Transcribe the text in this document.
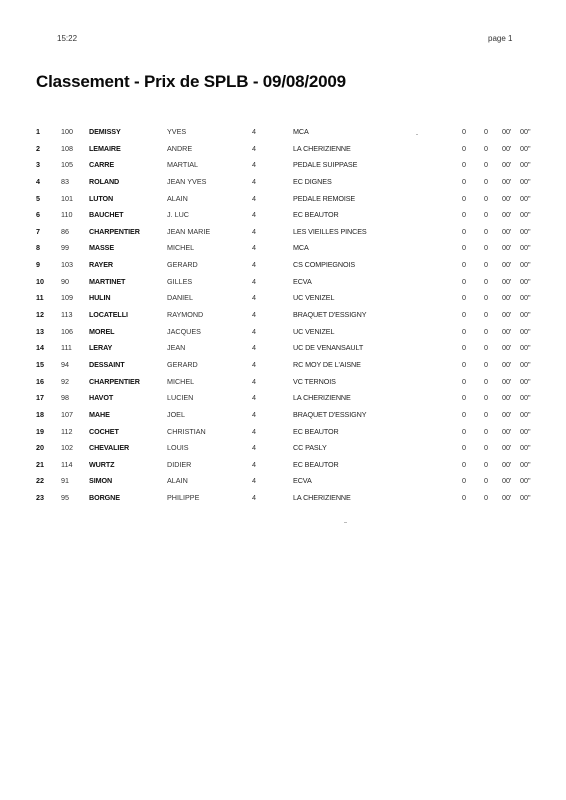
15:22	page 1
Classement - Prix de SPLB - 09/08/2009
1	100 DEMISSY	YVES	4	MCA	0	0 00' 00"
2	108 LEMAIRE	ANDRE	4	LA CHERIZIENNE	0	0 00' 00"
3	105 CARRE	MARTIAL	4	PEDALE SUIPPASE	0	0 00' 00"
4	83	ROLAND	JEAN YVES	4	EC DIGNES	0	0 00' 00"
5	101 LUTON	ALAIN	4	PEDALE REMOISE	0	0 00' 00"
6	110 BAUCHET	J. LUC	4	EC BEAUTOR	0	0 00' 00"
7	86	CHARPENTIER	JEAN MARIE	4	LES VIEILLES PINCES	0	0 00' 00"
8	99	MASSE	MICHEL	4	MCA	0	0 00' 00"
9	103 RAYER	GERARD	4	CS COMPIEGNOIS	0	0 00' 00"
10 90	MARTINET	GILLES	4	ECVA	0	0 00' 00"
11 109 HULIN	DANIEL	4	UC VENIZEL	0	0 00' 00"
12 113 LOCATELLI	RAYMOND	4	BRAQUET D'ESSIGNY	0	0 00' 00"
13 106 MOREL	JACQUES	4	UC VENIZEL	0	0 00' 00"
14 111 LERAY	JEAN	4	UC DE VENANSAULT	0	0 00' 00"
15 94	DESSAINT	GERARD	4	RC MOY DE L'AISNE	0	0 00' 00"
16 92	CHARPENTIER	MICHEL	4	VC TERNOIS	0	0 00' 00"
17 98	HAVOT	LUCIEN	4	LA CHERIZIENNE	0	0 00' 00"
18 107 MAHE	JOEL	4	BRAQUET D'ESSIGNY	0	0 00' 00"
19 112 COCHET	CHRISTIAN	4	EC BEAUTOR	0	0 00' 00"
20 102 CHEVALIER	LOUIS	4	CC PASLY	0	0 00' 00"
21 114 WURTZ	DIDIER	4	EC BEAUTOR	0	0 00' 00"
22 91	SIMON	ALAIN	4	ECVA	0	0 00' 00"
23 95	BORGNE	PHILIPPE	4	LA CHERIZIENNE	0	0 00' 00"
